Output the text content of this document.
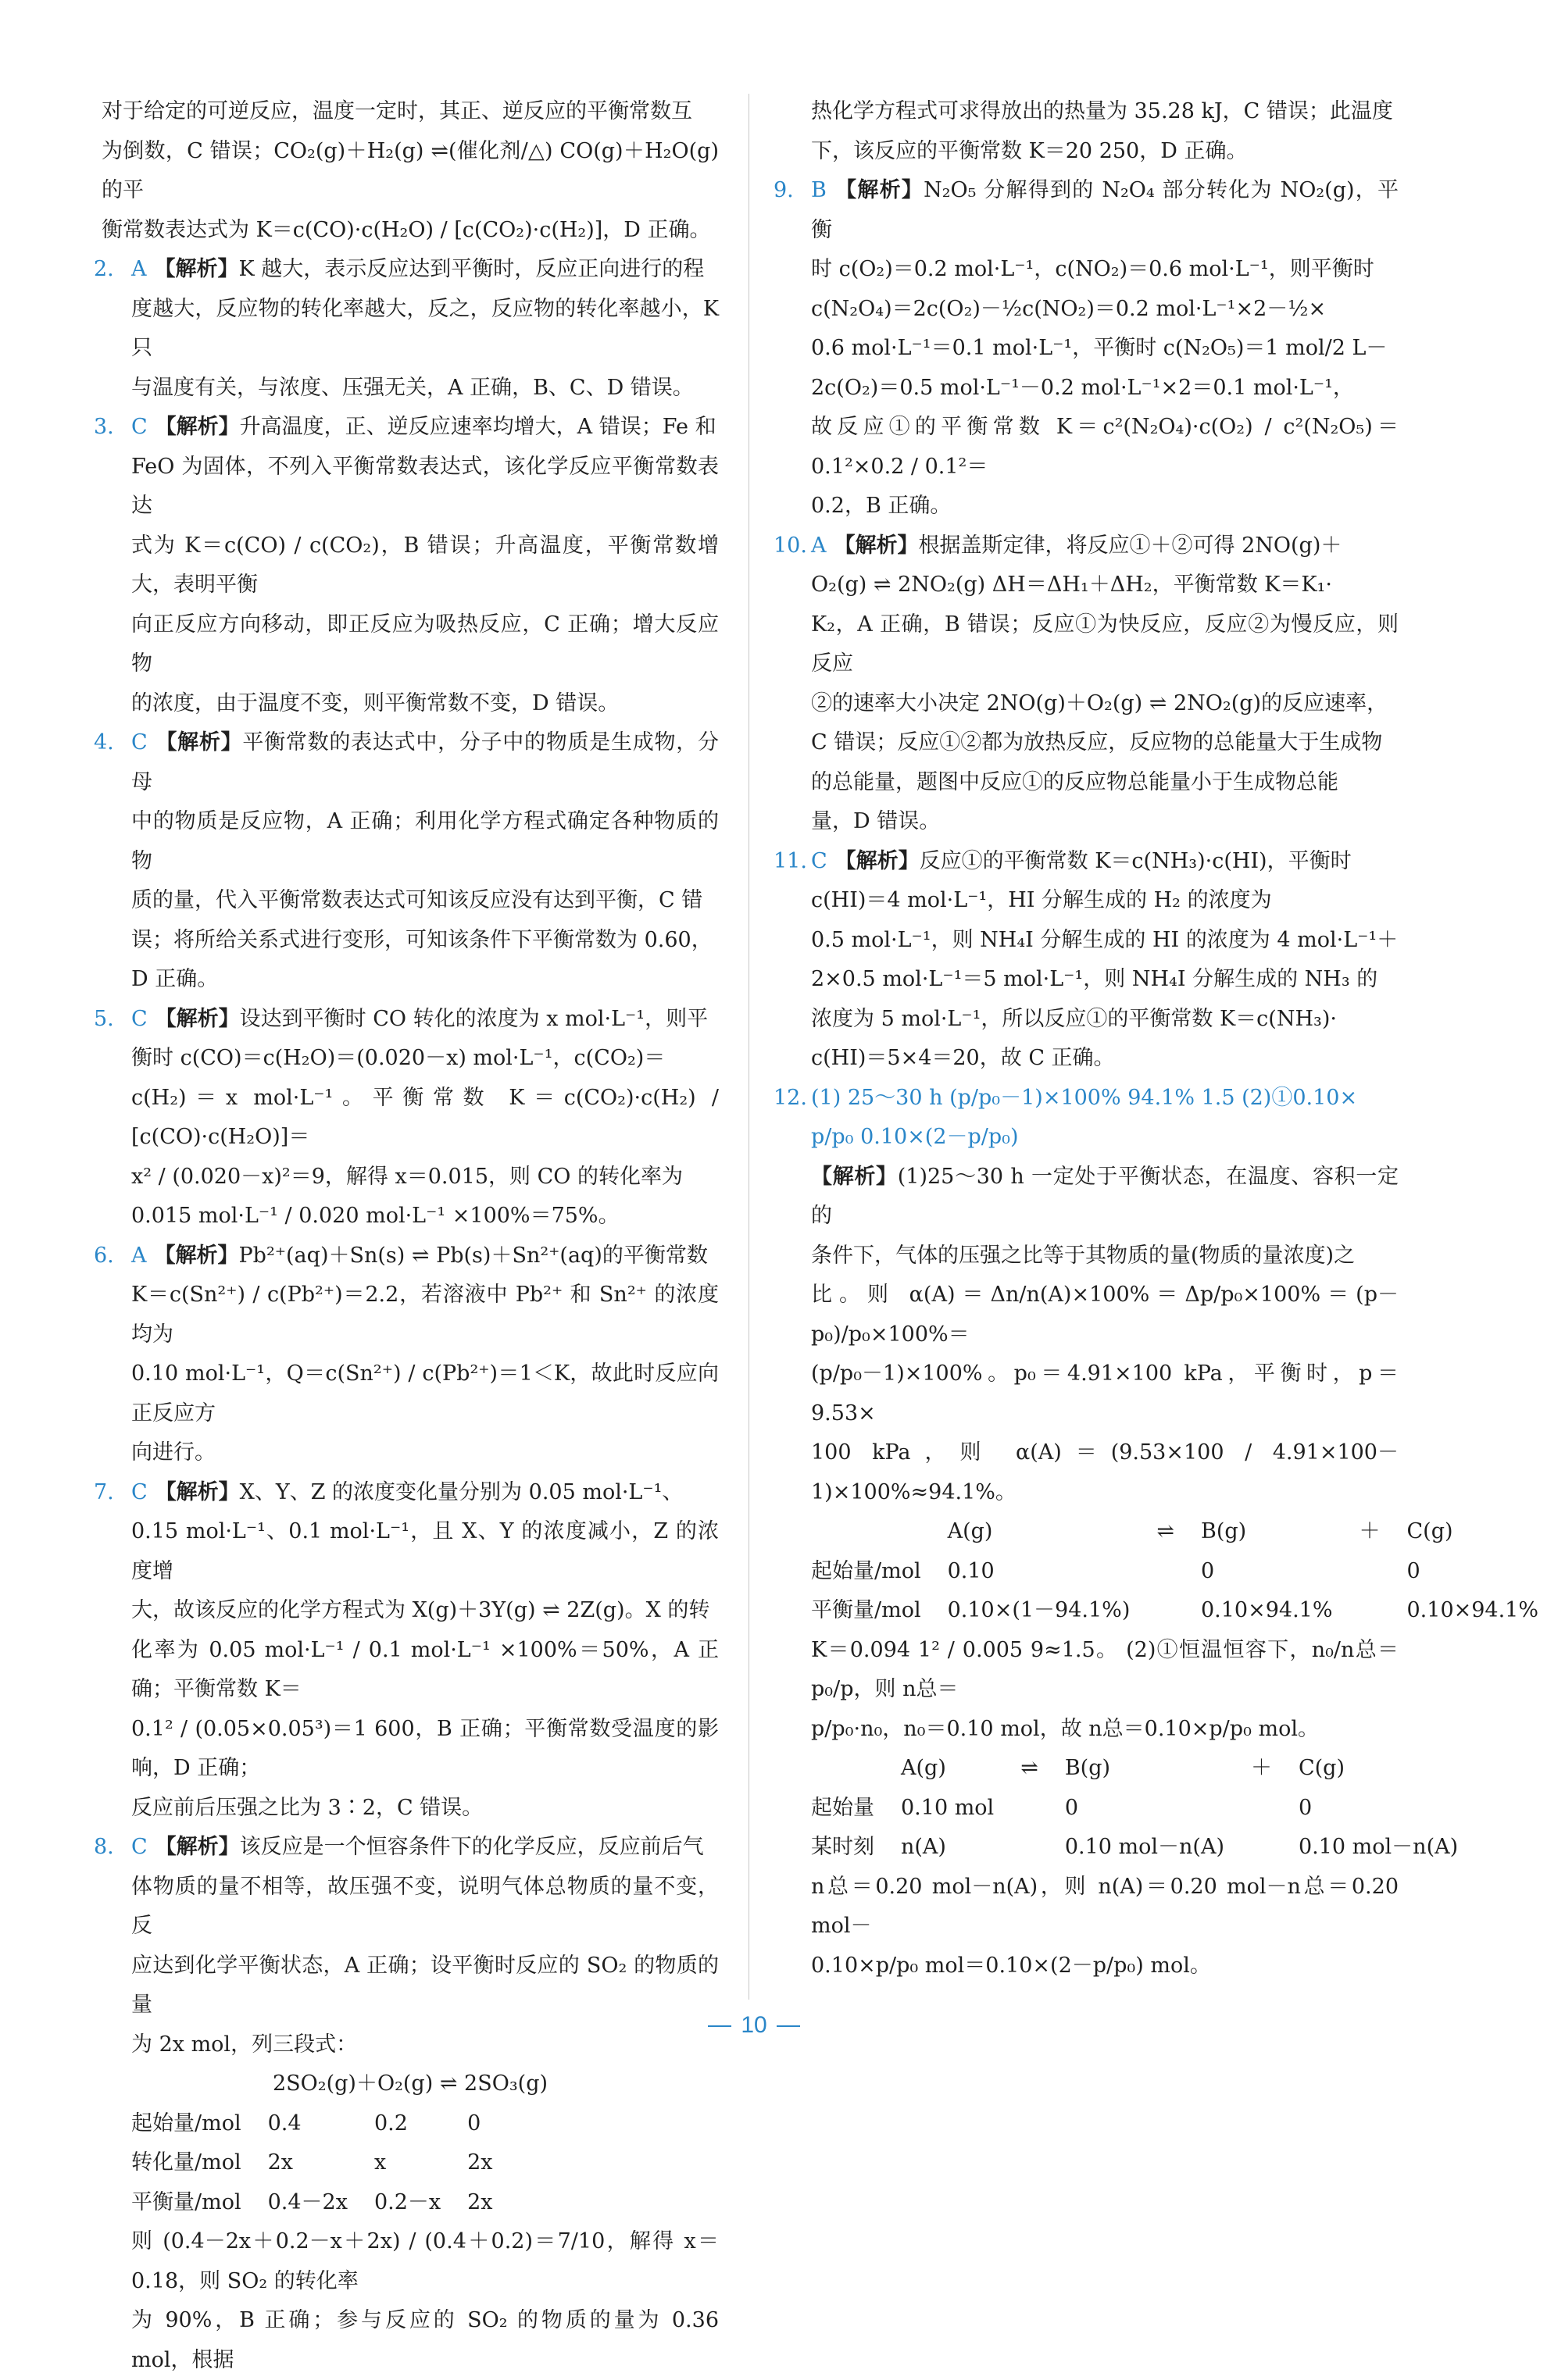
对于给定的可逆反应，温度一定时，其正、逆反应的平衡常数互

为倒数，C 错误；CO₂(g)＋H₂(g) ⇌(催化剂/△) CO(g)＋H₂O(g)的平

衡常数表达式为 K＝c(CO)·c(H₂O) / [c(CO₂)·c(H₂)]，D 正确。

2. A 【解析】K 越大，表示反应达到平衡时，反应正向进行的程

度越大，反应物的转化率越大，反之，反应物的转化率越小，K 只

与温度有关，与浓度、压强无关，A 正确，B、C、D 错误。

3. C 【解析】升高温度，正、逆反应速率均增大，A 错误；Fe 和

FeO 为固体，不列入平衡常数表达式，该化学反应平衡常数表达

式为 K＝c(CO) / c(CO₂)，B 错误；升高温度，平衡常数增大，表明平衡

向正反应方向移动，即正反应为吸热反应，C 正确；增大反应物

的浓度，由于温度不变，则平衡常数不变，D 错误。

4. C 【解析】平衡常数的表达式中，分子中的物质是生成物，分母

中的物质是反应物，A 正确；利用化学方程式确定各种物质的物

质的量，代入平衡常数表达式可知该反应没有达到平衡，C 错

误；将所给关系式进行变形，可知该条件下平衡常数为 0.60，

D 正确。

5. C 【解析】设达到平衡时 CO 转化的浓度为 x mol·L⁻¹，则平

衡时 c(CO)＝c(H₂O)＝(0.020－x) mol·L⁻¹，c(CO₂)＝

c(H₂)＝x mol·L⁻¹。平衡常数 K＝c(CO₂)·c(H₂) / [c(CO)·c(H₂O)]＝

x² / (0.020－x)²＝9，解得 x＝0.015，则 CO 的转化率为

0.015 mol·L⁻¹ / 0.020 mol·L⁻¹ ×100%＝75%。

6. A 【解析】Pb²⁺(aq)＋Sn(s) ⇌ Pb(s)＋Sn²⁺(aq)的平衡常数

K＝c(Sn²⁺) / c(Pb²⁺)＝2.2，若溶液中 Pb²⁺ 和 Sn²⁺ 的浓度均为

0.10 mol·L⁻¹，Q＝c(Sn²⁺) / c(Pb²⁺)＝1＜K，故此时反应向正反应方

向进行。

7. C 【解析】X、Y、Z 的浓度变化量分别为 0.05 mol·L⁻¹、

0.15 mol·L⁻¹、0.1 mol·L⁻¹，且 X、Y 的浓度减小，Z 的浓度增

大，故该反应的化学方程式为 X(g)＋3Y(g) ⇌ 2Z(g)。X 的转

化率为 0.05 mol·L⁻¹ / 0.1 mol·L⁻¹ ×100%＝50%，A 正确；平衡常数 K＝

0.1² / (0.05×0.05³)＝1 600，B 正确；平衡常数受温度的影响，D 正确；

反应前后压强之比为 3∶2，C 错误。

8. C 【解析】该反应是一个恒容条件下的化学反应，反应前后气

体物质的量不相等，故压强不变，说明气体总物质的量不变，反

应达到化学平衡状态，A 正确；设平衡时反应的 SO₂ 的物质的量

为 2x mol，列三段式：

2SO₂(g)＋O₂(g) ⇌ 2SO₃(g)

起始量/mol	0.4	0.2	0
转化量/mol	2x	x	2x
平衡量/mol	0.4－2x	0.2－x	2x

则 (0.4－2x＋0.2－x＋2x) / (0.4＋0.2)＝7/10，解得 x＝0.18，则 SO₂ 的转化率

为 90%，B 正确；参与反应的 SO₂ 的物质的量为 0.36 mol，根据

热化学方程式可求得放出的热量为 35.28 kJ，C 错误；此温度

下，该反应的平衡常数 K＝20 250，D 正确。

9. B 【解析】N₂O₅ 分解得到的 N₂O₄ 部分转化为 NO₂(g)，平衡

时 c(O₂)＝0.2 mol·L⁻¹，c(NO₂)＝0.6 mol·L⁻¹，则平衡时

c(N₂O₄)＝2c(O₂)－½c(NO₂)＝0.2 mol·L⁻¹×2－½×

0.6 mol·L⁻¹＝0.1 mol·L⁻¹，平衡时 c(N₂O₅)＝1 mol/2 L－

2c(O₂)＝0.5 mol·L⁻¹－0.2 mol·L⁻¹×2＝0.1 mol·L⁻¹，

故反应①的平衡常数 K＝c²(N₂O₄)·c(O₂) / c²(N₂O₅)＝0.1²×0.2 / 0.1²＝

0.2，B 正确。

10. A 【解析】根据盖斯定律，将反应①＋②可得 2NO(g)＋

O₂(g) ⇌ 2NO₂(g) ΔH＝ΔH₁＋ΔH₂，平衡常数 K＝K₁·

K₂，A 正确，B 错误；反应①为快反应，反应②为慢反应，则反应

②的速率大小决定 2NO(g)＋O₂(g) ⇌ 2NO₂(g)的反应速率，

C 错误；反应①②都为放热反应，反应物的总能量大于生成物

的总能量，题图中反应①的反应物总能量小于生成物总能

量，D 错误。

11. C 【解析】反应①的平衡常数 K＝c(NH₃)·c(HI)，平衡时

c(HI)＝4 mol·L⁻¹，HI 分解生成的 H₂ 的浓度为

0.5 mol·L⁻¹，则 NH₄I 分解生成的 HI 的浓度为 4 mol·L⁻¹＋

2×0.5 mol·L⁻¹＝5 mol·L⁻¹，则 NH₄I 分解生成的 NH₃ 的

浓度为 5 mol·L⁻¹，所以反应①的平衡常数 K＝c(NH₃)·

c(HI)＝5×4＝20，故 C 正确。

12. (1) 25～30 h (p/p₀－1)×100% 94.1% 1.5 (2)①0.10×

p/p₀ 0.10×(2－p/p₀)

【解析】(1)25～30 h 一定处于平衡状态，在温度、容积一定的

条件下，气体的压强之比等于其物质的量(物质的量浓度)之

比。则 α(A)＝Δn/n(A)×100%＝Δp/p₀×100%＝(p－p₀)/p₀×100%＝

(p/p₀－1)×100%。p₀＝4.91×100 kPa，平衡时，p＝9.53×

100 kPa，则 α(A)＝(9.53×100 / 4.91×100－1)×100%≈94.1%。

	A(g)	⇌	B(g)	＋	C(g)
起始量/mol	0.10		0		0
平衡量/mol	0.10×(1－94.1%)		0.10×94.1%		0.10×94.1%

K＝0.094 1² / 0.005 9≈1.5。 (2)①恒温恒容下，n₀/n总＝p₀/p，则 n总＝

p/p₀·n₀，n₀＝0.10 mol，故 n总＝0.10×p/p₀ mol。

	A(g)	⇌	B(g)	＋	C(g)
起始量	0.10 mol		0		0
某时刻	n(A)		0.10 mol－n(A)		0.10 mol－n(A)

n总＝0.20 mol－n(A)，则 n(A)＝0.20 mol－n总＝0.20 mol－

0.10×p/p₀ mol＝0.10×(2－p/p₀) mol。

10
